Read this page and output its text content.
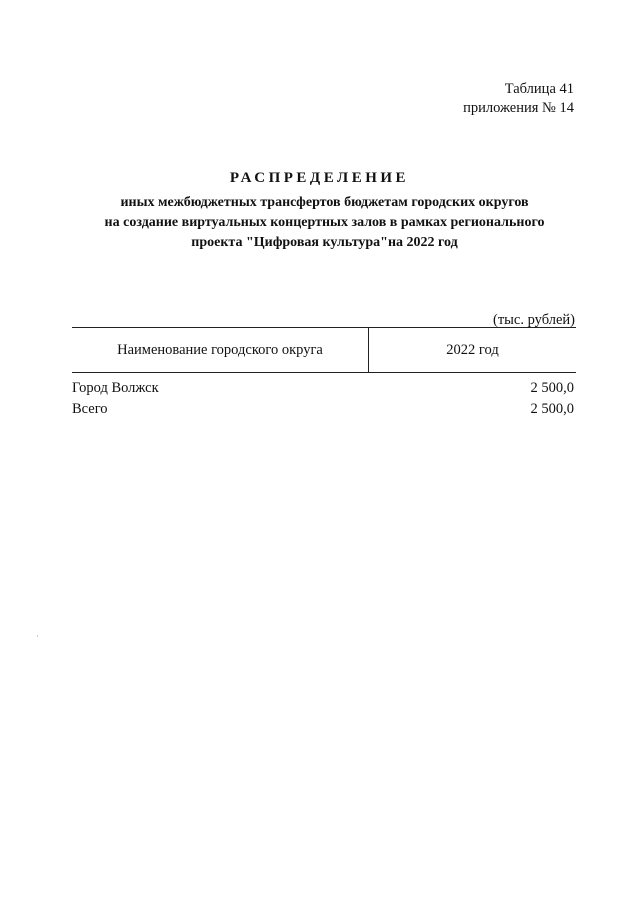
Таблица 41
приложения № 14
РАСПРЕДЕЛЕНИЕ
иных межбюджетных трансфертов бюджетам городских округов
на создание виртуальных концертных залов в рамках регионального
проекта "Цифровая культура"на 2022 год
(тыс. рублей)
Наименование городского округа	2022 год
Город Волжск	2 500,0
Всего	2 500,0
